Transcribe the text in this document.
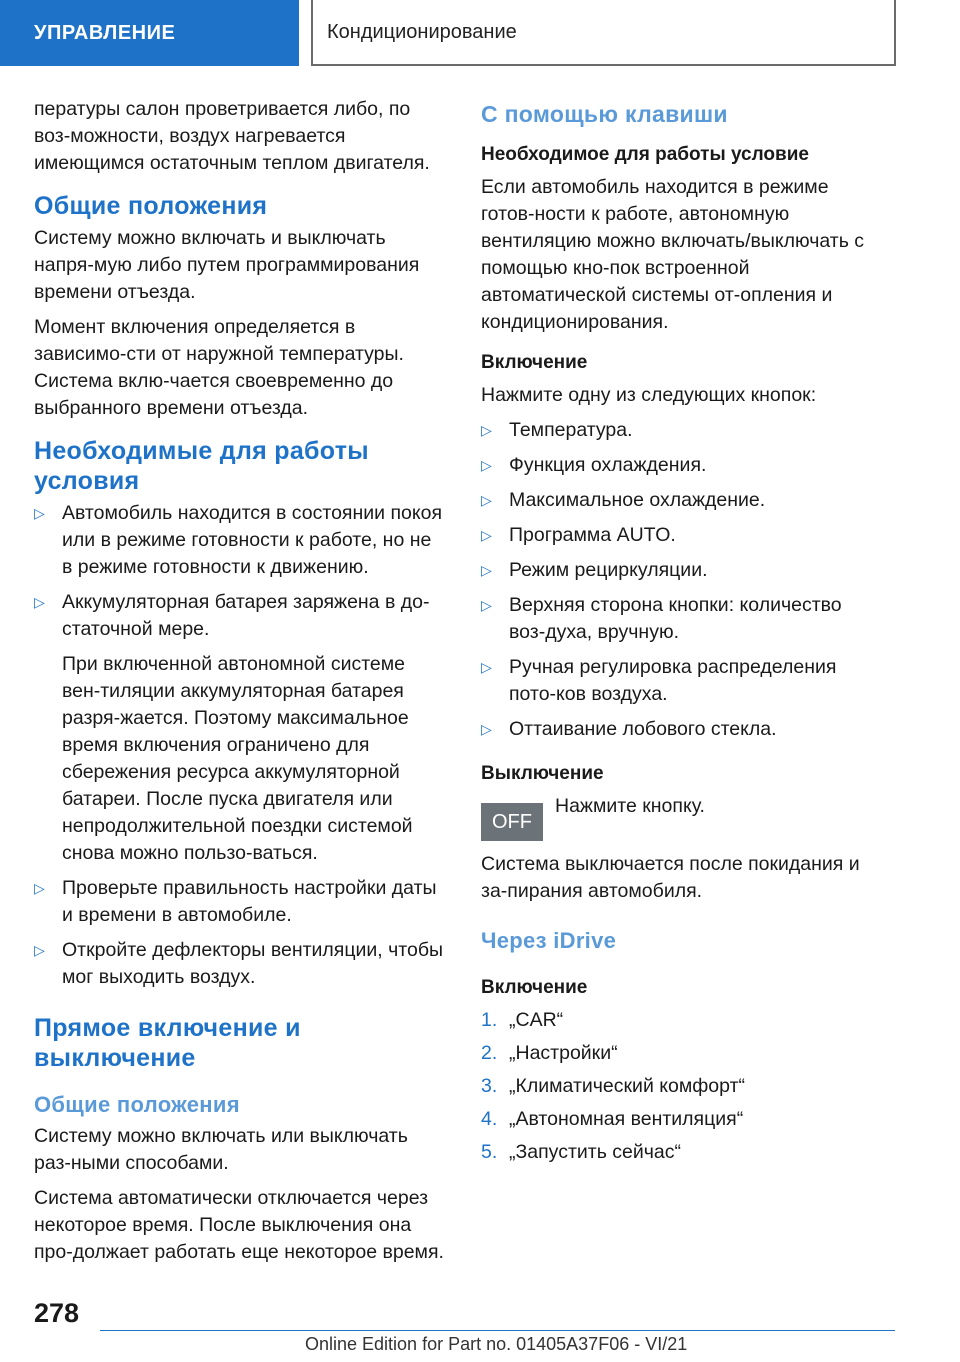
УПРАВЛЕНИЕ	Кондиционирование

пературы салон проветривается либо, по воз-можности, воздух нагревается имеющимся остаточным теплом двигателя.

Общие положения

Систему можно включать и выключать напря-мую либо путем программирования времени отъезда.

Момент включения определяется в зависимо-сти от наружной температуры. Система вклю-чается своевременно до выбранного времени отъезда.

Необходимые для работы условия
▷ Автомобиль находится в состоянии покоя или в режиме готовности к работе, но не в режиме готовности к движению.
▷ Аккумуляторная батарея заряжена в до-статочной мере.
При включенной автономной системе вен-тиляции аккумуляторная батарея разря-жается. Поэтому максимальное время включения ограничено для сбережения ресурса аккумуляторной батареи. После пуска двигателя или непродолжительной поездки системой снова можно пользо-ваться.
▷ Проверьте правильность настройки даты и времени в автомобиле.
▷ Откройте дефлекторы вентиляции, чтобы мог выходить воздух.
Прямое включение и выключение
Общие положения

Систему можно включать или выключать раз-ными способами.

Система автоматически отключается через некоторое время. После выключения она про-должает работать еще некоторое время.

С помощью клавиши
Необходимое для работы условие

Если автомобиль находится в режиме готов-ности к работе, автономную вентиляцию можно включать/выключать с помощью кно-пок встроенной автоматической системы от-опления и кондиционирования.

Включение

Нажмите одну из следующих кнопок:

▷ Температура.
▷ Функция охлаждения.
▷ Максимальное охлаждение.
▷ Программа AUTO.
▷ Режим рециркуляции.
▷ Верхняя сторона кнопки: количество воз-духа, вручную.
▷ Ручная регулировка распределения пото-ков воздуха.
▷ Оттаивание лобового стекла.
Выключение
OFF
Нажмите кнопку.

Система выключается после покидания и за-пирания автомобиля.

Через iDrive
Включение
1. „CAR“
2. „Настройки“
3. „Климатический комфорт“
4. „Автономная вентиляция“
5. „Запустить сейчас“
278
Online Edition for Part no. 01405A37F06 - VI/21
